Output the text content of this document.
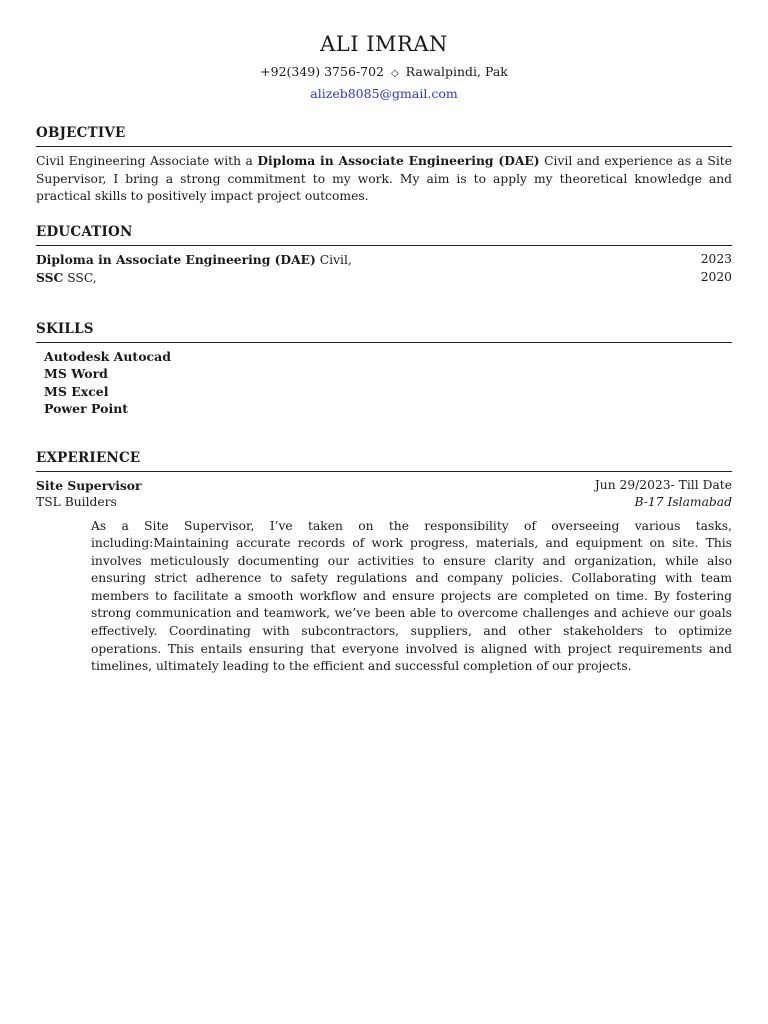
ALI IMRAN
+92(349) 3756-702 ◇ Rawalpindi, Pak
alizeb8085@gmail.com
OBJECTIVE

Civil Engineering Associate with a Diploma in Associate Engineering (DAE) Civil and experience as a Site Supervisor, I bring a strong commitment to my work. My aim is to apply my theoretical knowledge and practical skills to positively impact project outcomes.

EDUCATION
Diploma in Associate Engineering (DAE) Civil,	2023
SSC SSC,	2020
SKILLS
Autodesk Autocad
MS Word
MS Excel
Power Point
EXPERIENCE
Site Supervisor	Jun 29/2023- Till Date
TSL Builders	B-17 Islamabad

As a Site Supervisor, I’ve taken on the responsibility of overseeing various tasks, including:Maintaining accurate records of work progress, materials, and equipment on site. This involves meticulously documenting our activities to ensure clarity and organization, while also ensuring strict adherence to safety regulations and company policies. Collaborating with team members to facilitate a smooth workflow and ensure projects are completed on time. By fostering strong communication and teamwork, we’ve been able to overcome challenges and achieve our goals effectively. Coordinating with subcontractors, suppliers, and other stakeholders to optimize operations. This entails ensuring that everyone involved is aligned with project requirements and timelines, ultimately leading to the efficient and successful completion of our projects.
